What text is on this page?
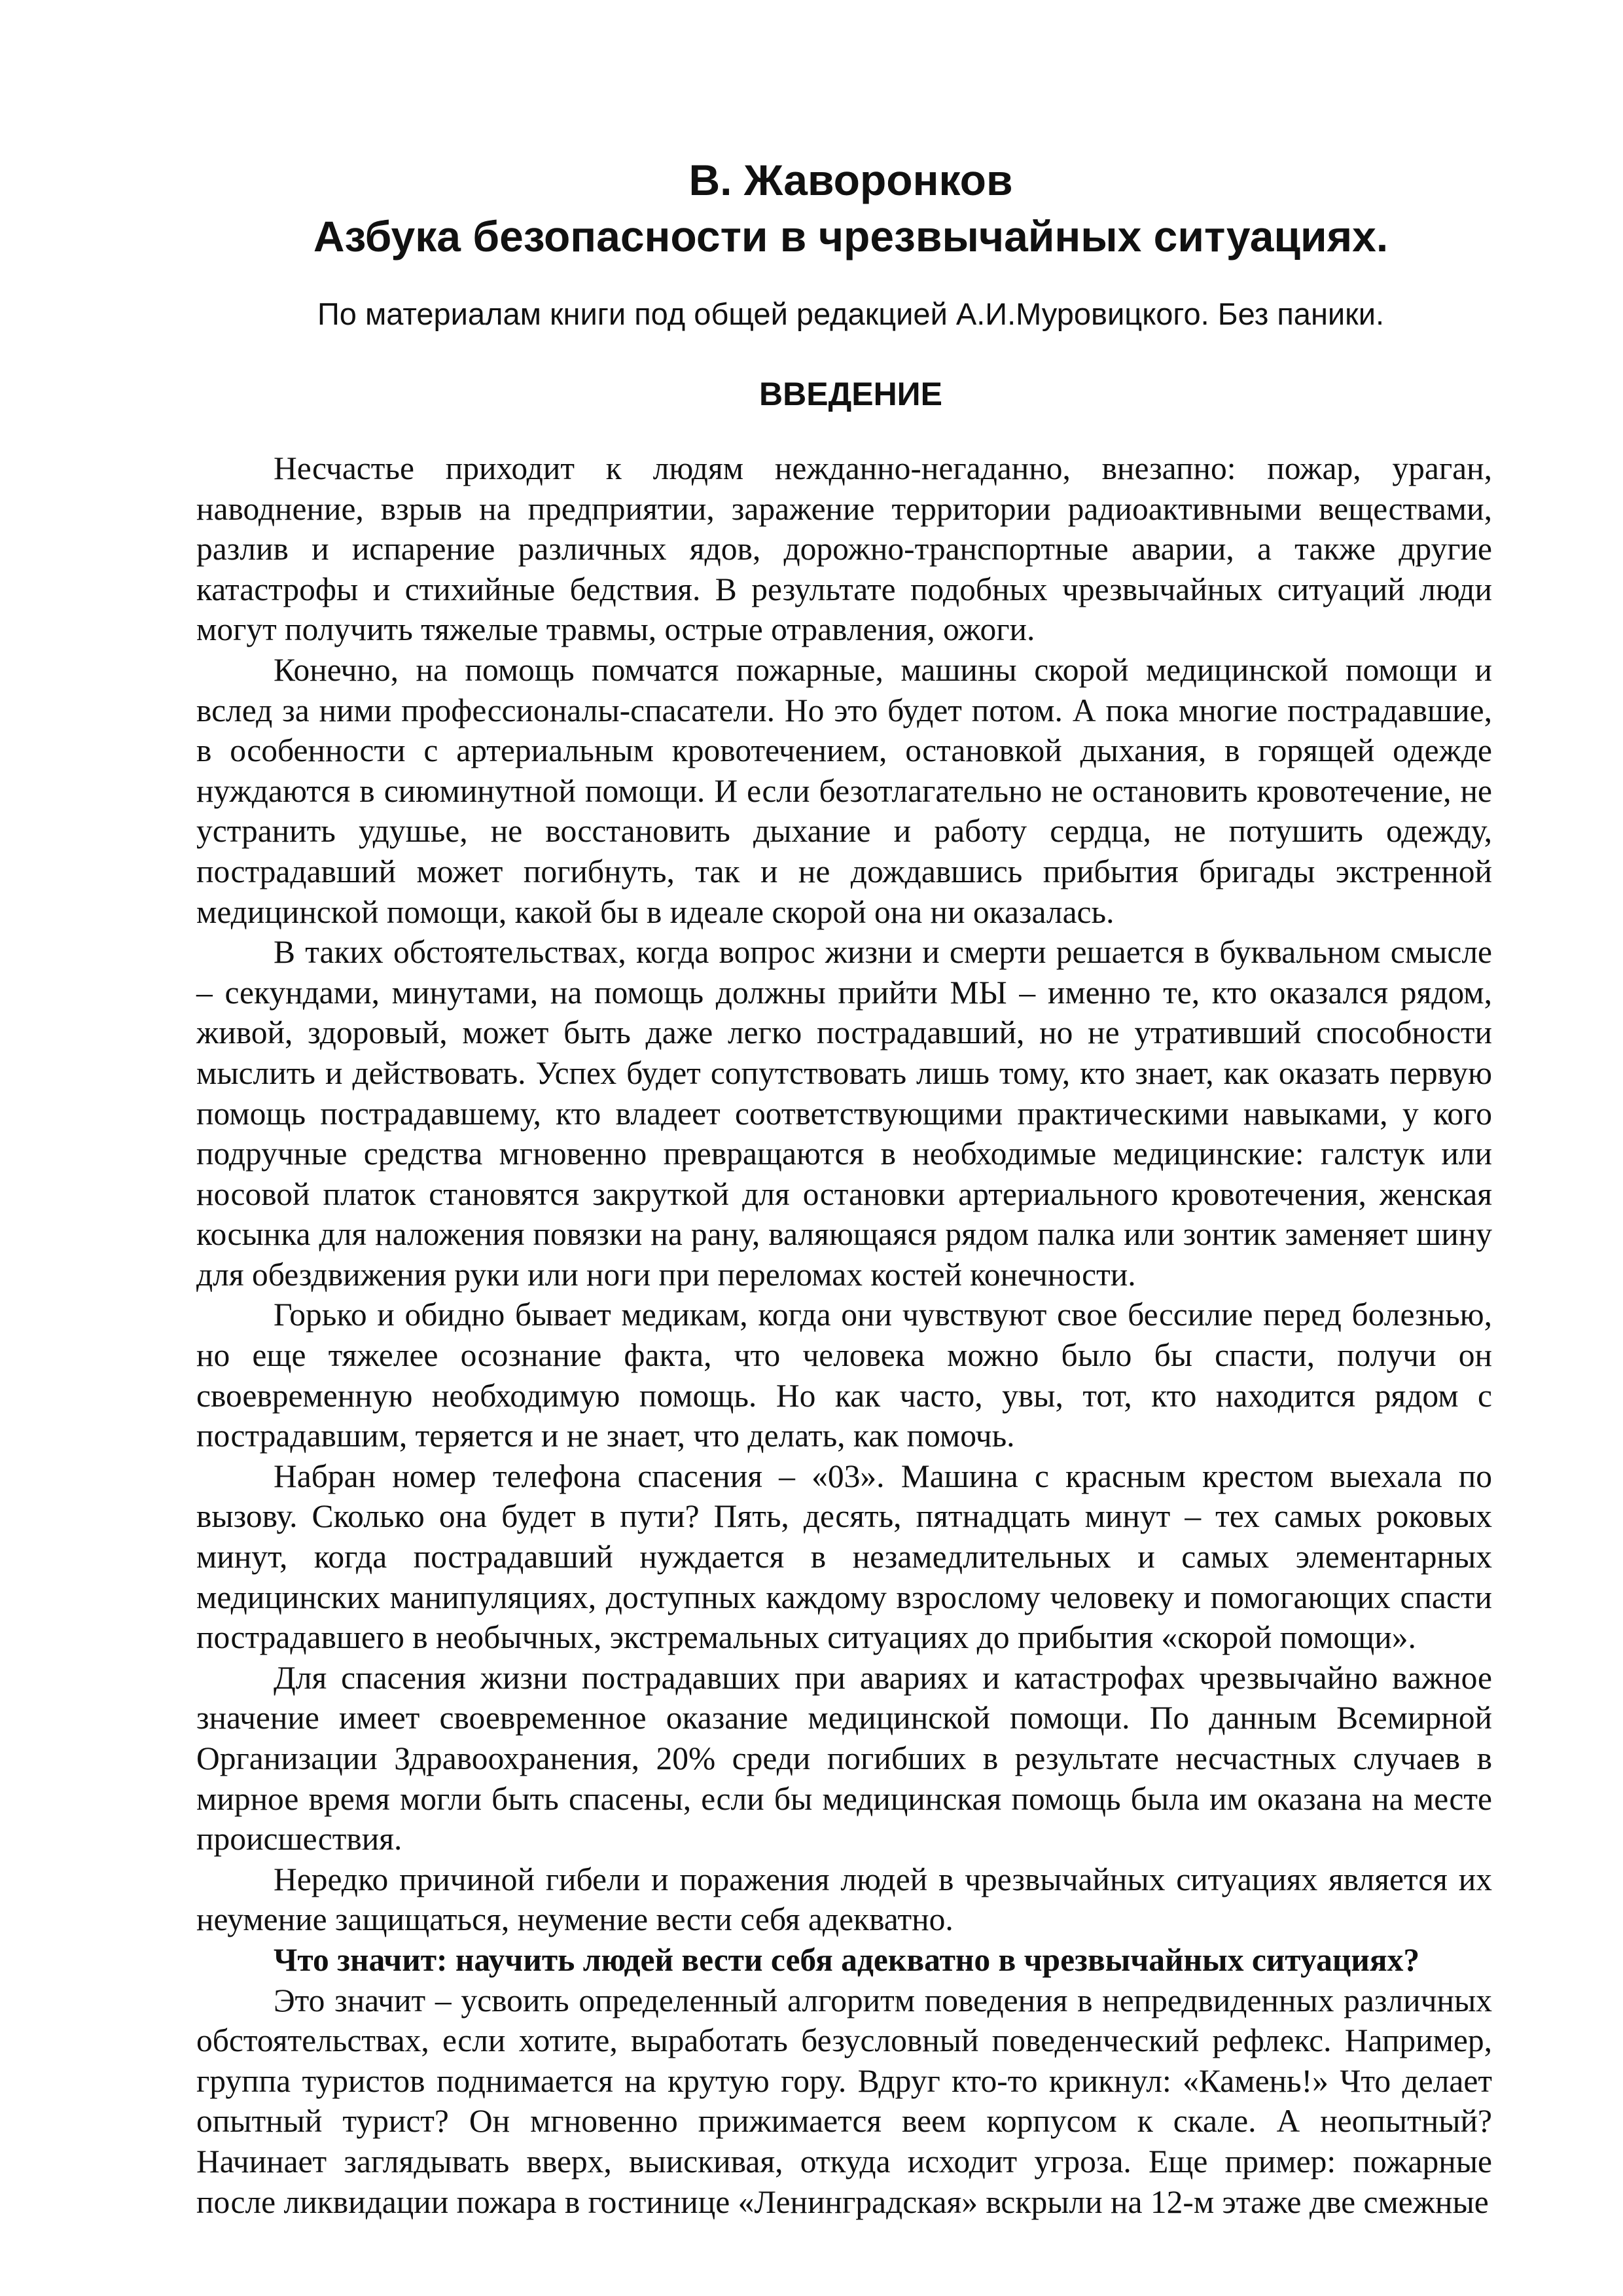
В. Жаворонков
Азбука безопасности в чрезвычайных ситуациях.
По материалам книги под общей редакцией А.И.Муровицкого. Без паники.
ВВЕДЕНИЕ

Несчастье приходит к людям нежданно-негаданно, внезапно: пожар, ураган, наводнение, взрыв на предприятии, заражение территории радиоактивными веществами, разлив и испарение различных ядов, дорожно-транспортные аварии, а также другие катастрофы и стихийные бедствия. В результате подобных чрезвычайных ситуаций люди могут получить тяжелые травмы, острые отравления, ожоги.

Конечно, на помощь помчатся пожарные, машины скорой медицинской помощи и вслед за ними профессионалы-спасатели. Но это будет потом. А пока многие пострадавшие, в особенности с артериальным кровотечением, остановкой дыхания, в горящей одежде нуждаются в сиюминутной помощи. И если безотлагательно не остановить кровотечение, не устранить удушье, не восстановить дыхание и работу сердца, не потушить одежду, пострадавший может погибнуть, так и не дождавшись прибытия бригады экстренной медицинской помощи, какой бы в идеале скорой она ни оказалась.

В таких обстоятельствах, когда вопрос жизни и смерти решается в буквальном смысле – секундами, минутами, на помощь должны прийти МЫ – именно те, кто оказался рядом, живой, здоровый, может быть даже легко пострадавший, но не утративший способности мыслить и действовать. Успех будет сопутствовать лишь тому, кто знает, как оказать первую помощь пострадавшему, кто владеет соответствующими практическими навыками, у кого подручные средства мгновенно превращаются в необходимые медицинские: галстук или носовой платок становятся закруткой для остановки артериального кровотечения, женская косынка для наложения повязки на рану, валяющаяся рядом палка или зонтик заменяет шину для обездвижения руки или ноги при переломах костей конечности.

Горько и обидно бывает медикам, когда они чувствуют свое бессилие перед болезнью, но еще тяжелее осознание факта, что человека можно было бы спасти, получи он своевременную необходимую помощь. Но как часто, увы, тот, кто находится рядом с пострадавшим, теряется и не знает, что делать, как помочь.

Набран номер телефона спасения – «03». Машина с красным крестом выехала по вызову. Сколько она будет в пути? Пять, десять, пятнадцать минут – тех самых роковых минут, когда пострадавший нуждается в незамедлительных и самых элементарных медицинских манипуляциях, доступных каждому взрослому человеку и помогающих спасти пострадавшего в необычных, экстремальных ситуациях до прибытия «скорой помощи».

Для спасения жизни пострадавших при авариях и катастрофах чрезвычайно важное значение имеет своевременное оказание медицинской помощи. По данным Всемирной Организации Здравоохранения, 20% среди погибших в результате несчастных случаев в мирное время могли быть спасены, если бы медицинская помощь была им оказана на месте происшествия.

Нередко причиной гибели и поражения людей в чрезвычайных ситуациях является их неумение защищаться, неумение вести себя адекватно.

Что значит: научить людей вести себя адекватно в чрезвычайных ситуациях?

Это значит – усвоить определенный алгоритм поведения в непредвиденных различных обстоятельствах, если хотите, выработать безусловный поведенческий рефлекс. Например, группа туристов поднимается на крутую гору. Вдруг кто-то крикнул: «Камень!» Что делает опытный турист? Он мгновенно прижимается веем корпусом к скале. А неопытный? Начинает заглядывать вверх, выискивая, откуда исходит угроза. Еще пример: пожарные после ликвидации пожара в гостинице «Ленинградская» вскрыли на 12-м этаже две смежные
